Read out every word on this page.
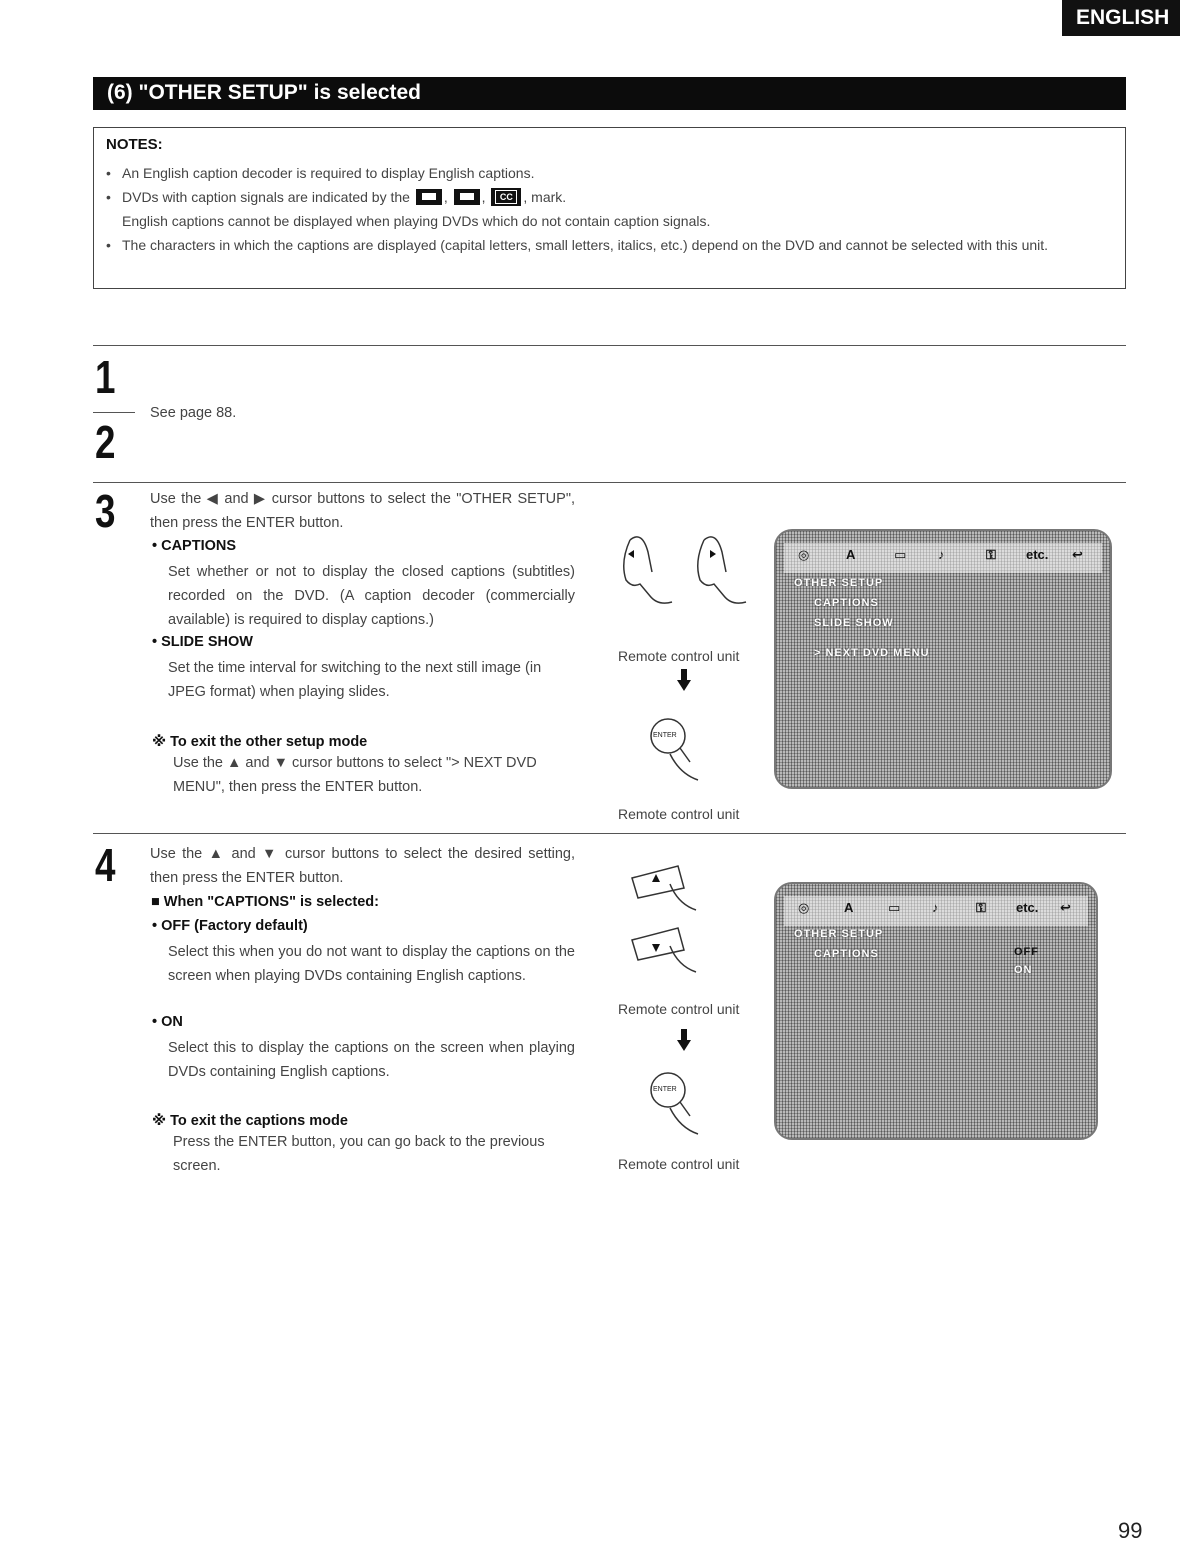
ENGLISH
(6) "OTHER SETUP" is selected
NOTES:
• An English caption decoder is required to display English captions.
• DVDs with caption signals are indicated by the , ,	CC , mark.
English captions cannot be displayed when playing DVDs which do not contain caption signals.
• The characters in which the captions are displayed (capital letters, small letters, italics, etc.) depend on the DVD and cannot be selected with this unit.
1
See page 88.
2
3 Use the ◀ and ▶ cursor buttons to select the "OTHER SETUP", then press the ENTER button.
• CAPTIONS
Set whether or not to display the closed captions (subtitles) recorded on the DVD. (A caption decoder (commercially available) is required to display captions.)
• SLIDE SHOW
Set the time interval for switching to the next still image (in JPEG format) when playing slides.
※ To exit the other setup mode
Use the ▲ and ▼ cursor buttons to select "> NEXT DVD MENU", then press the ENTER button.
Remote control unit
ENTER
Remote control unit
◎	A	▭ ♪	⚿ etc. ↩
OTHER SETUP
CAPTIONS
SLIDE SHOW
> NEXT DVD MENU
4 Use the ▲ and ▼ cursor buttons to select the desired setting, then press the ENTER button.
■ When "CAPTIONS" is selected:
• OFF (Factory default)
Select this when you do not want to display the captions on the screen when playing DVDs containing English captions.
• ON
Select this to display the captions on the screen when playing DVDs containing English captions.
※ To exit the captions mode
Press the ENTER button, you can go back to the previous screen.
Remote control unit
ENTER
Remote control unit
◎	A	▭ ♪	⚿ etc. ↩
OTHER SETUP
CAPTIONS	OFF
ON
99
